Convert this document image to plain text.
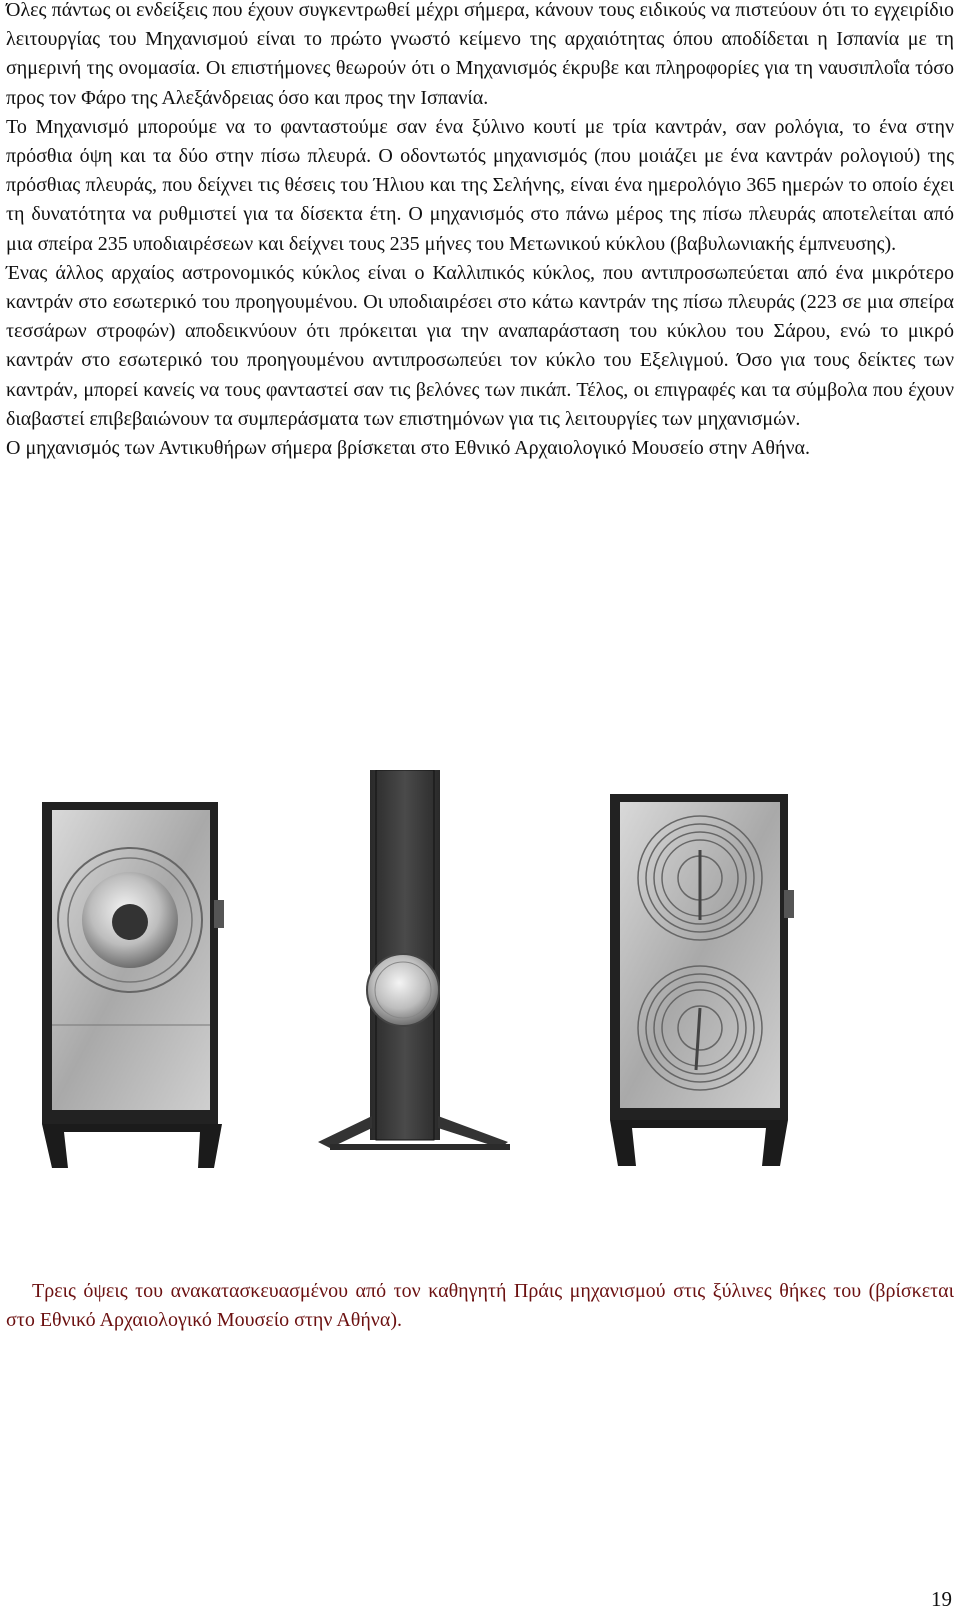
Όλες πάντως οι ενδείξεις που έχουν συγκεντρωθεί μέχρι σήμερα, κάνουν τους ειδικούς να πιστεύουν ότι το εγχειρίδιο λειτουργίας του Μηχανισμού είναι το πρώτο γνωστό κείμενο της αρχαιότητας όπου αποδίδεται η Ισπανία με τη σημερινή της ονομασία. Οι επιστήμονες θεωρούν ότι ο Μηχανισμός έκρυβε και πληροφορίες για τη ναυσιπλοΐα τόσο προς τον Φάρο της Αλεξάνδρειας όσο και προς την Ισπανία.

Το Μηχανισμό μπορούμε να το φανταστούμε σαν ένα ξύλινο κουτί με τρία καντράν, σαν ρολόγια, το ένα στην πρόσθια όψη και τα δύο στην πίσω πλευρά. Ο οδοντωτός μηχανισμός (που μοιάζει με ένα καντράν ρολογιού) της πρόσθιας πλευράς, που δείχνει τις θέσεις του Ήλιου και της Σελήνης, είναι ένα ημερολόγιο 365 ημερών το οποίο έχει τη δυνατότητα να ρυθμιστεί για τα δίσεκτα έτη. Ο μηχανισμός στο πάνω μέρος της πίσω πλευράς αποτελείται από μια σπείρα 235 υποδιαιρέσεων και δείχνει τους 235 μήνες του Μετωνικού κύκλου (βαβυλωνιακής έμπνευσης).

Ένας άλλος αρχαίος αστρονομικός κύκλος είναι ο Καλλιπικός κύκλος, που αντιπροσωπεύεται από ένα μικρότερο καντράν στο εσωτερικό του προηγουμένου. Οι υποδιαιρέσει στο κάτω καντράν της πίσω πλευράς (223 σε μια σπείρα τεσσάρων στροφών) αποδεικνύουν ότι πρόκειται για την αναπαράσταση του κύκλου του Σάρου, ενώ το μικρό καντράν στο εσωτερικό του προηγουμένου αντιπροσωπεύει τον κύκλο του Εξελιγμού. Όσο για τους δείκτες των καντράν, μπορεί κανείς να τους φανταστεί σαν τις βελόνες των πικάπ. Τέλος, οι επιγραφές και τα σύμβολα που έχουν διαβαστεί επιβεβαιώνουν τα συμπεράσματα των επιστημόνων για τις λειτουργίες των μηχανισμών.

Ο μηχανισμός των Αντικυθήρων σήμερα βρίσκεται στο Εθνικό Αρχαιολογικό Μουσείο στην Αθήνα.

Τρεις όψεις του ανακατασκευασμένου από τον καθηγητή Πράις μηχανισμού στις ξύλινες θήκες του (βρίσκεται στο Εθνικό Αρχαιολογικό Μουσείο στην Αθήνα).
19
